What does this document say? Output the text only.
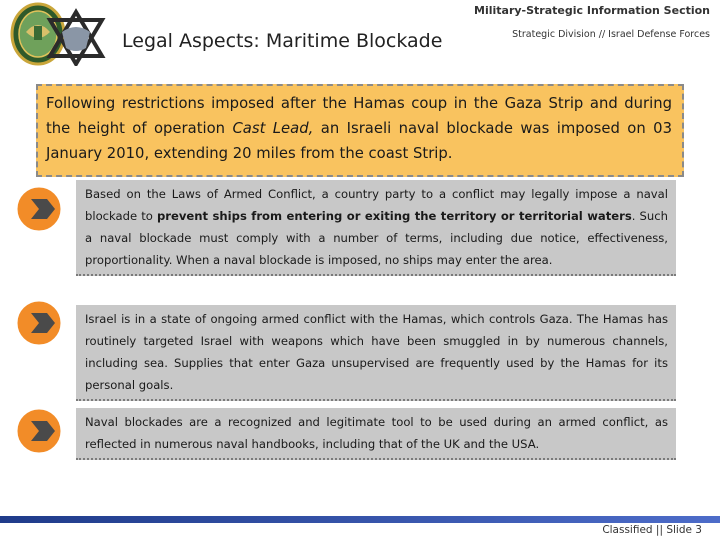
Legal Aspects: Maritime Blockade
Military-Strategic Information Section
Strategic Division // Israel Defense Forces
Following restrictions imposed after the Hamas coup in the Gaza Strip and during the height of operation Cast Lead, an Israeli naval blockade was imposed on 03 January 2010, extending 20 miles from the coast Strip.
Based on the Laws of Armed Conflict, a country party to a conflict may legally impose a naval blockade to prevent ships from entering or exiting the territory or territorial waters. Such a naval blockade must comply with a number of terms, including due notice, effectiveness, proportionality. When a naval blockade is imposed, no ships may enter the area.
Israel is in a state of ongoing armed conflict with the Hamas, which controls Gaza. The Hamas has routinely targeted Israel with weapons which have been smuggled in by numerous channels, including sea. Supplies that enter Gaza unsupervised are frequently used by the Hamas for its personal goals.
Naval blockades are a recognized and legitimate tool to be used during an armed conflict, as reflected in numerous naval handbooks, including that of the UK and the USA.
Classified || Slide 3
